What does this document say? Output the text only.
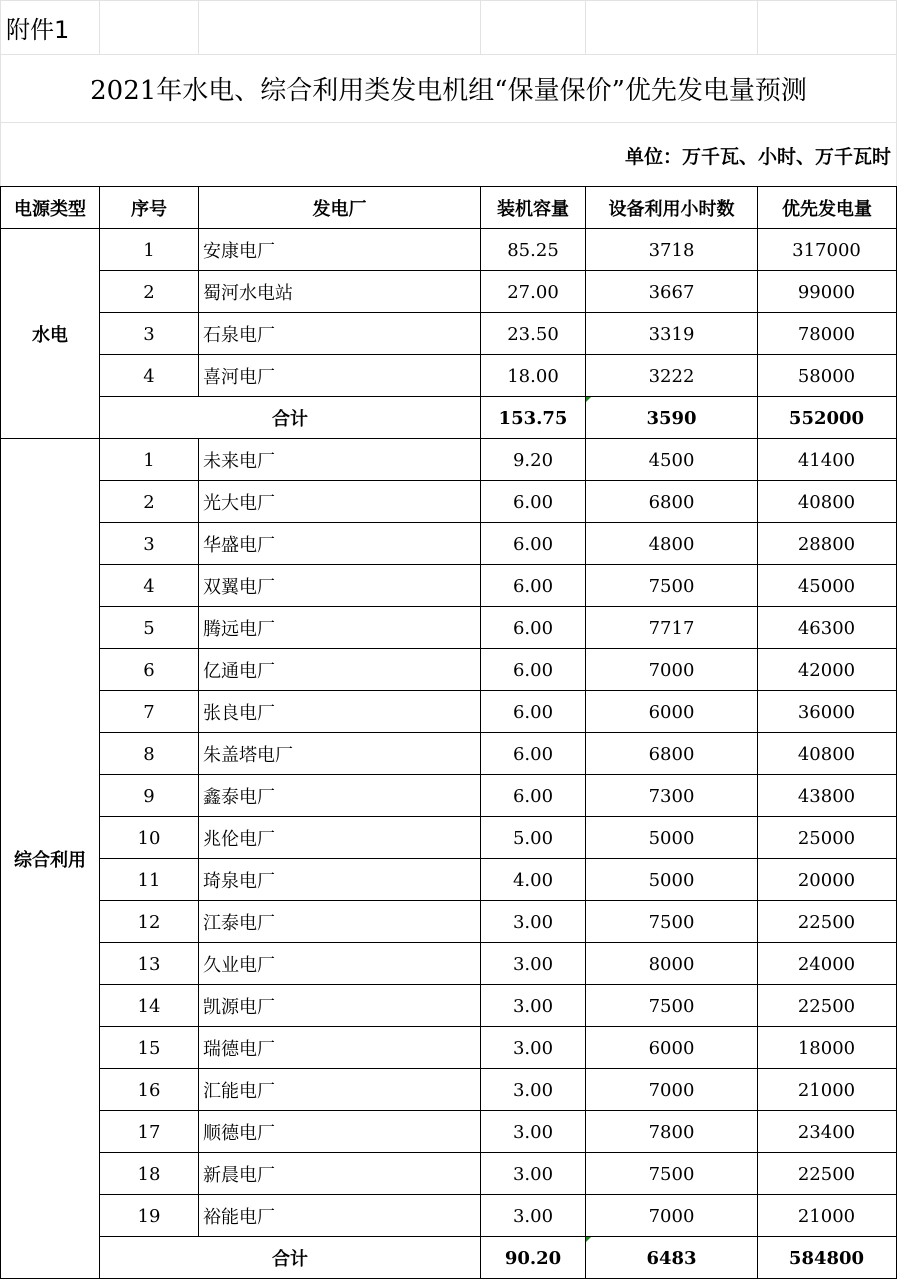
附件1
2021年水电、综合利用类发电机组“保量保价”优先发电量预测
单位：万千瓦、小时、万千瓦时
电源类型	序号	发电厂	装机容量	设备利用小时数	优先发电量
水电
1	安康电厂	85.25	3718	317000
2	蜀河水电站	27.00	3667	99000
3	石泉电厂	23.50	3319	78000
4	喜河电厂	18.00	3222	58000
合计	153.75	3590	552000
综合利用
1	未来电厂	9.20	4500	41400
2	光大电厂	6.00	6800	40800
3	华盛电厂	6.00	4800	28800
4	双翼电厂	6.00	7500	45000
5	腾远电厂	6.00	7717	46300
6	亿通电厂	6.00	7000	42000
7	张良电厂	6.00	6000	36000
8	朱盖塔电厂	6.00	6800	40800
9	鑫泰电厂	6.00	7300	43800
10	兆伦电厂	5.00	5000	25000
11	琦泉电厂	4.00	5000	20000
12	江泰电厂	3.00	7500	22500
13	久业电厂	3.00	8000	24000
14	凯源电厂	3.00	7500	22500
15	瑞德电厂	3.00	6000	18000
16	汇能电厂	3.00	7000	21000
17	顺德电厂	3.00	7800	23400
18	新晨电厂	3.00	7500	22500
19	裕能电厂	3.00	7000	21000
合计	90.20	6483	584800
